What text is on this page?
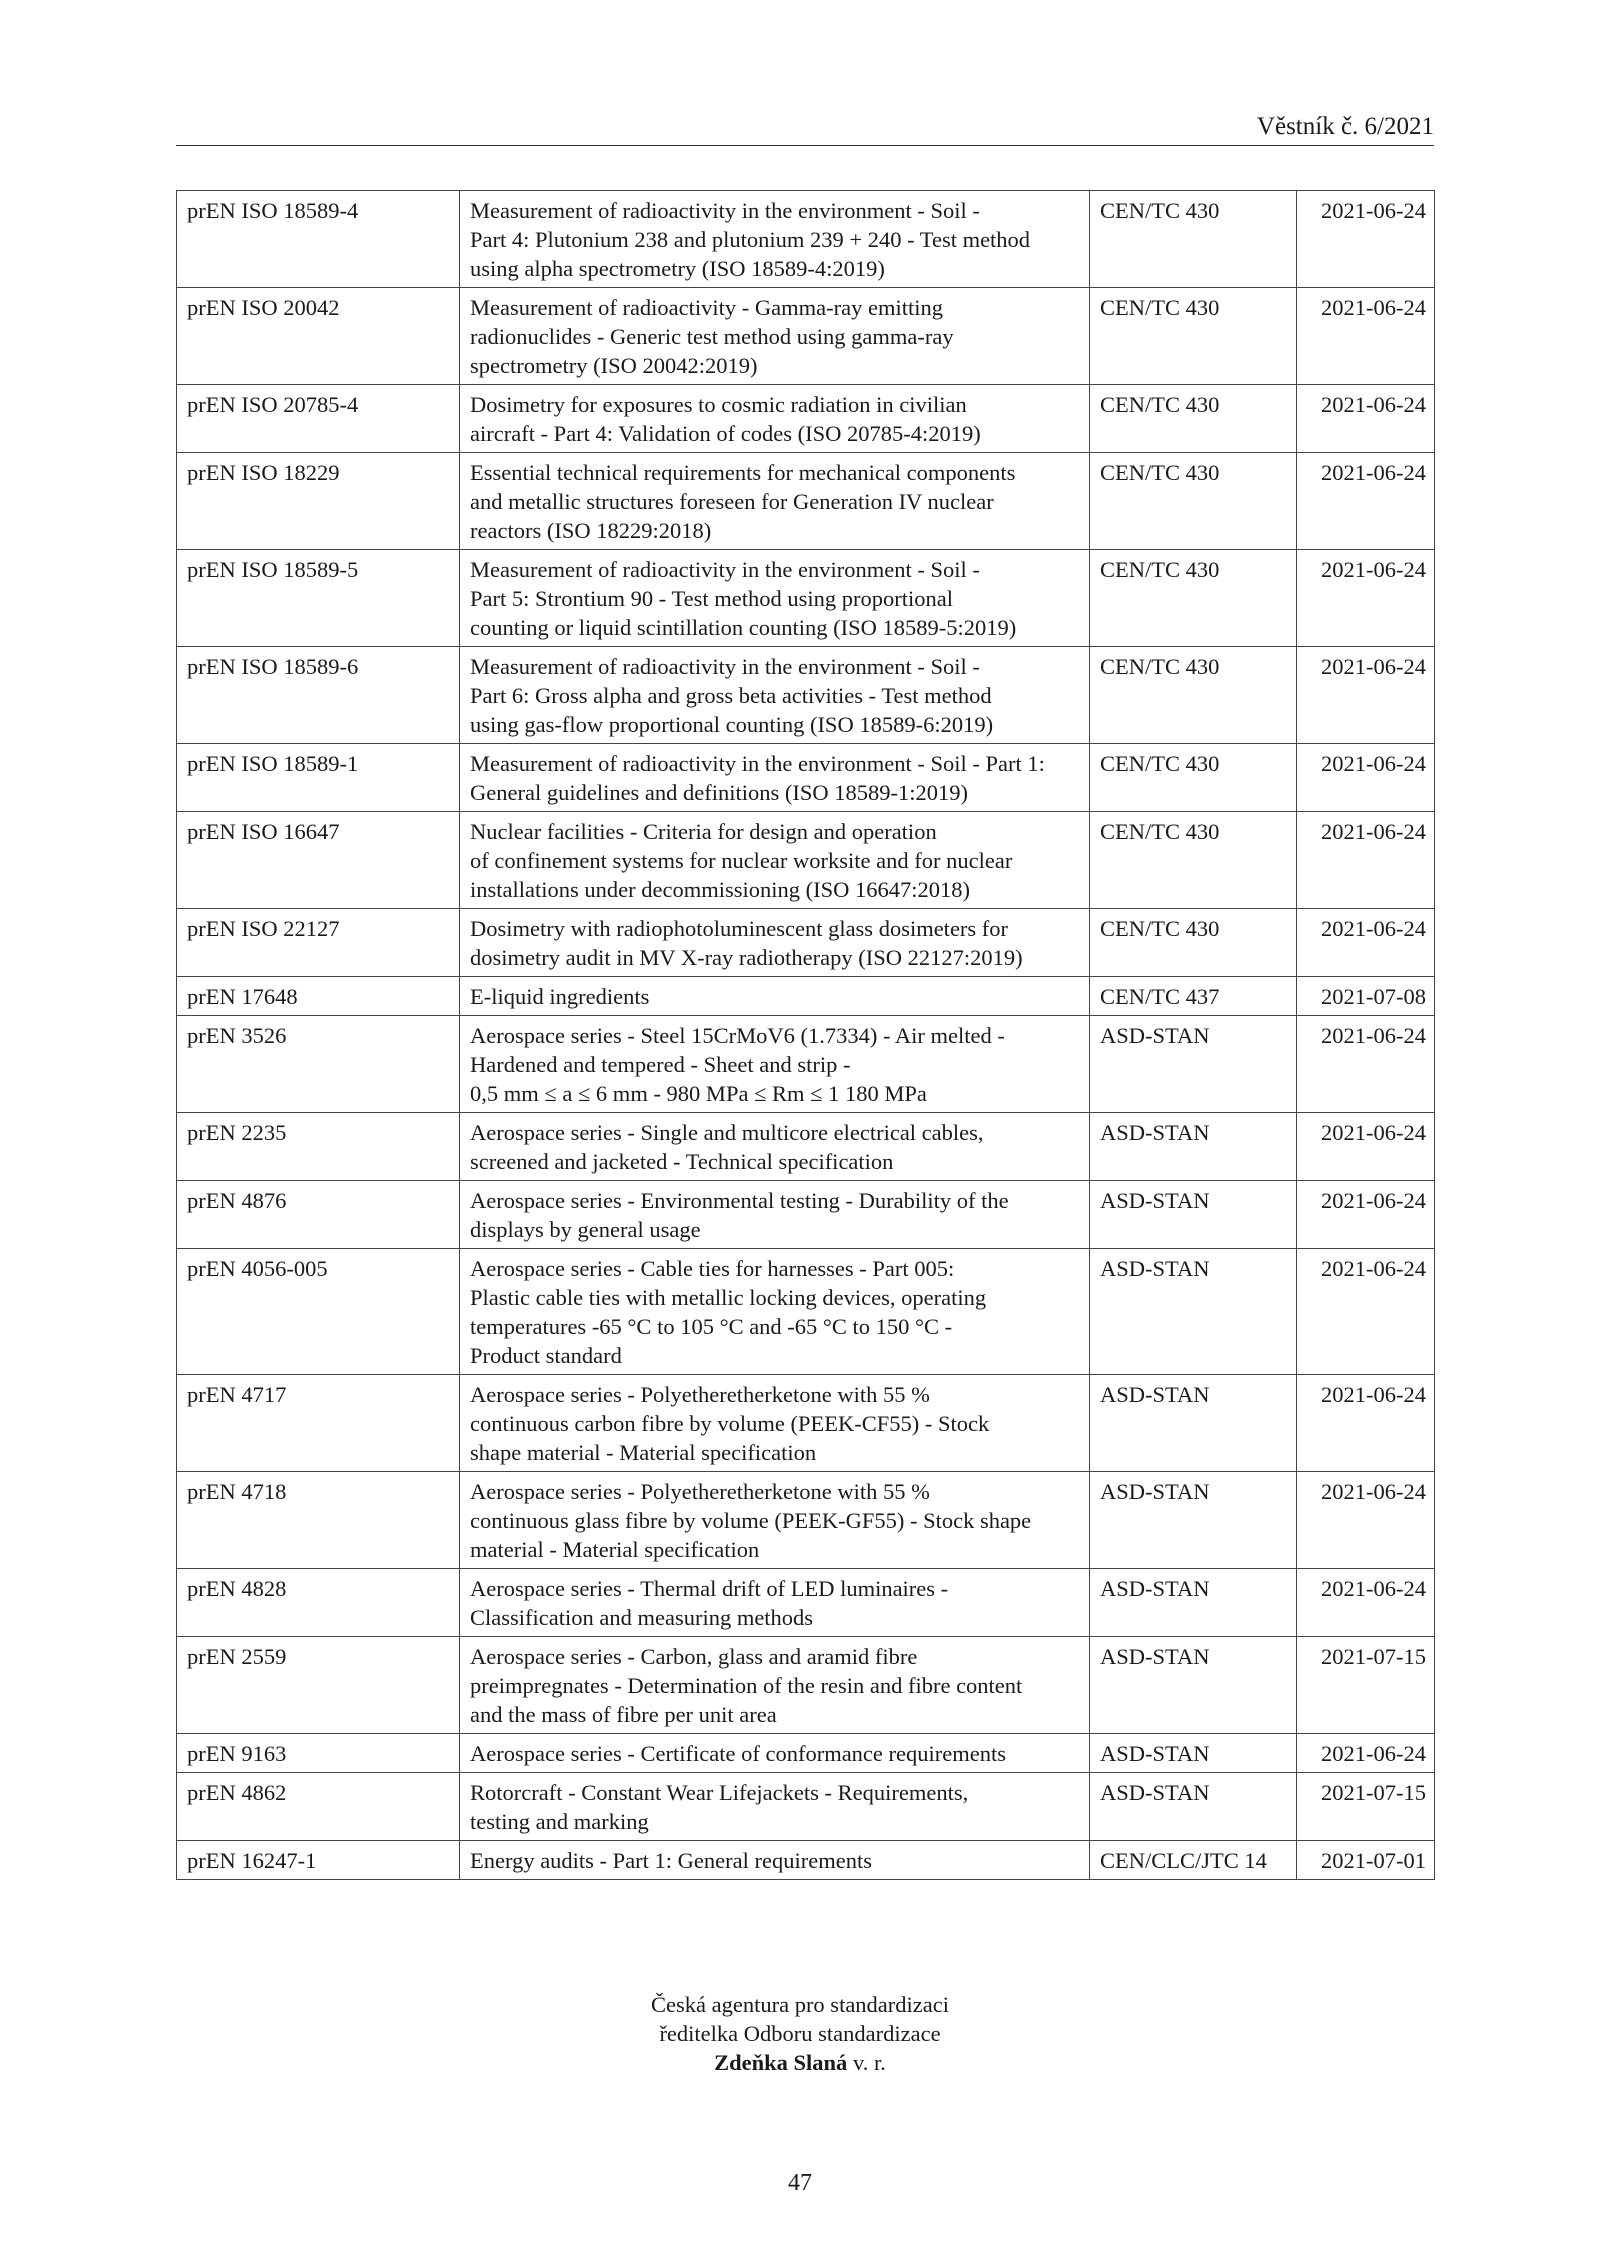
Věstník č. 6/2021
prEN ISO 18589-4	Measurement of radioactivity in the environment - Soil -
Part 4: Plutonium 238 and plutonium 239 + 240 - Test method
using alpha spectrometry (ISO 18589-4:2019)	CEN/TC 430	2021-06-24
prEN ISO 20042	Measurement of radioactivity - Gamma-ray emitting
radionuclides - Generic test method using gamma-ray
spectrometry (ISO 20042:2019)	CEN/TC 430	2021-06-24
prEN ISO 20785-4	Dosimetry for exposures to cosmic radiation in civilian
aircraft - Part 4: Validation of codes (ISO 20785-4:2019)	CEN/TC 430	2021-06-24
prEN ISO 18229	Essential technical requirements for mechanical components
and metallic structures foreseen for Generation IV nuclear
reactors (ISO 18229:2018)	CEN/TC 430	2021-06-24
prEN ISO 18589-5	Measurement of radioactivity in the environment - Soil -
Part 5: Strontium 90 - Test method using proportional
counting or liquid scintillation counting (ISO 18589-5:2019)	CEN/TC 430	2021-06-24
prEN ISO 18589-6	Measurement of radioactivity in the environment - Soil -
Part 6: Gross alpha and gross beta activities - Test method
using gas-flow proportional counting (ISO 18589-6:2019)	CEN/TC 430	2021-06-24
prEN ISO 18589-1	Measurement of radioactivity in the environment - Soil - Part 1:
General guidelines and definitions (ISO 18589-1:2019)	CEN/TC 430	2021-06-24
prEN ISO 16647	Nuclear facilities - Criteria for design and operation
of confinement systems for nuclear worksite and for nuclear
installations under decommissioning (ISO 16647:2018)	CEN/TC 430	2021-06-24
prEN ISO 22127	Dosimetry with radiophotoluminescent glass dosimeters for
dosimetry audit in MV X-ray radiotherapy (ISO 22127:2019)	CEN/TC 430	2021-06-24
prEN 17648	E-liquid ingredients	CEN/TC 437	2021-07-08
prEN 3526	Aerospace series - Steel 15CrMoV6 (1.7334) - Air melted -
Hardened and tempered - Sheet and strip -
0,5 mm ≤ a ≤ 6 mm - 980 MPa ≤ Rm ≤ 1 180 MPa	ASD-STAN	2021-06-24
prEN 2235	Aerospace series - Single and multicore electrical cables,
screened and jacketed - Technical specification	ASD-STAN	2021-06-24
prEN 4876	Aerospace series - Environmental testing - Durability of the
displays by general usage	ASD-STAN	2021-06-24
prEN 4056-005	Aerospace series - Cable ties for harnesses - Part 005:
Plastic cable ties with metallic locking devices, operating
temperatures -65 °C to 105 °C and -65 °C to 150 °C -
Product standard	ASD-STAN	2021-06-24
prEN 4717	Aerospace series - Polyetheretherketone with 55 %
continuous carbon fibre by volume (PEEK-CF55) - Stock
shape material - Material specification	ASD-STAN	2021-06-24
prEN 4718	Aerospace series - Polyetheretherketone with 55 %
continuous glass fibre by volume (PEEK-GF55) - Stock shape
material - Material specification	ASD-STAN	2021-06-24
prEN 4828	Aerospace series - Thermal drift of LED luminaires -
Classification and measuring methods	ASD-STAN	2021-06-24
prEN 2559	Aerospace series - Carbon, glass and aramid fibre
preimpregnates - Determination of the resin and fibre content
and the mass of fibre per unit area	ASD-STAN	2021-07-15
prEN 9163	Aerospace series - Certificate of conformance requirements	ASD-STAN	2021-06-24
prEN 4862	Rotorcraft - Constant Wear Lifejackets - Requirements,
testing and marking	ASD-STAN	2021-07-15
prEN 16247-1	Energy audits - Part 1: General requirements	CEN/CLC/JTC 14	2021-07-01
Česká agentura pro standardizaci
ředitelka Odboru standardizace
Zdeňka Slaná v. r.
47
